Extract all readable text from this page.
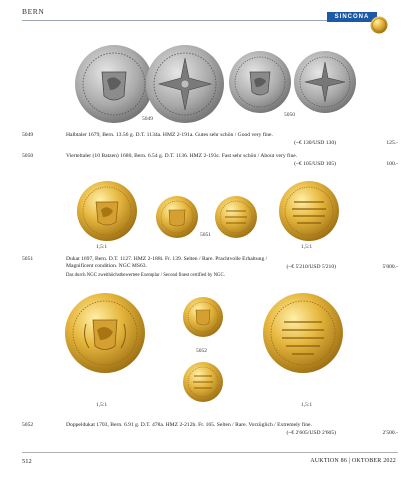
BERN
SINCONA
5049
5050
5049	Halbtaler 1679, Bern. 13.56 g. D.T. 1134a. HMZ 2-191a. Gutes sehr schön / Good very fine.
(~€ 130/USD 130)	125.-
5050	Vierteltaler (10 Batzen) 1680, Bern. 6.54 g. D.T. 1136. HMZ 2-193c. Fast sehr schön / About very fine.
(~€ 105/USD 105)	100.-
5051
1,5:1	1,5:1
5051	Dukat 1697, Bern. D.T. 1127. HMZ 2-188i. Fr. 139. Selten / Rare. Prachtvolle Erhaltung / Magnificent condition. NGC MS63.	(~€ 5'210/USD 5'210)	5'000.-
Das durch NGC zweithöchstbewertete Exemplar / Second finest certified by NGC.
5052
1,5:1	1,5:1
5052	Doppeldukat 1703, Bern. 6.91 g. D.T. 478a. HMZ 2-212b. Fr. 165. Selten / Rare. Vorzüglich / Extremely fine.
(~€ 2'605/USD 2'605)	2'500.-
512	AUKTION 86 | OKTOBER 2022
